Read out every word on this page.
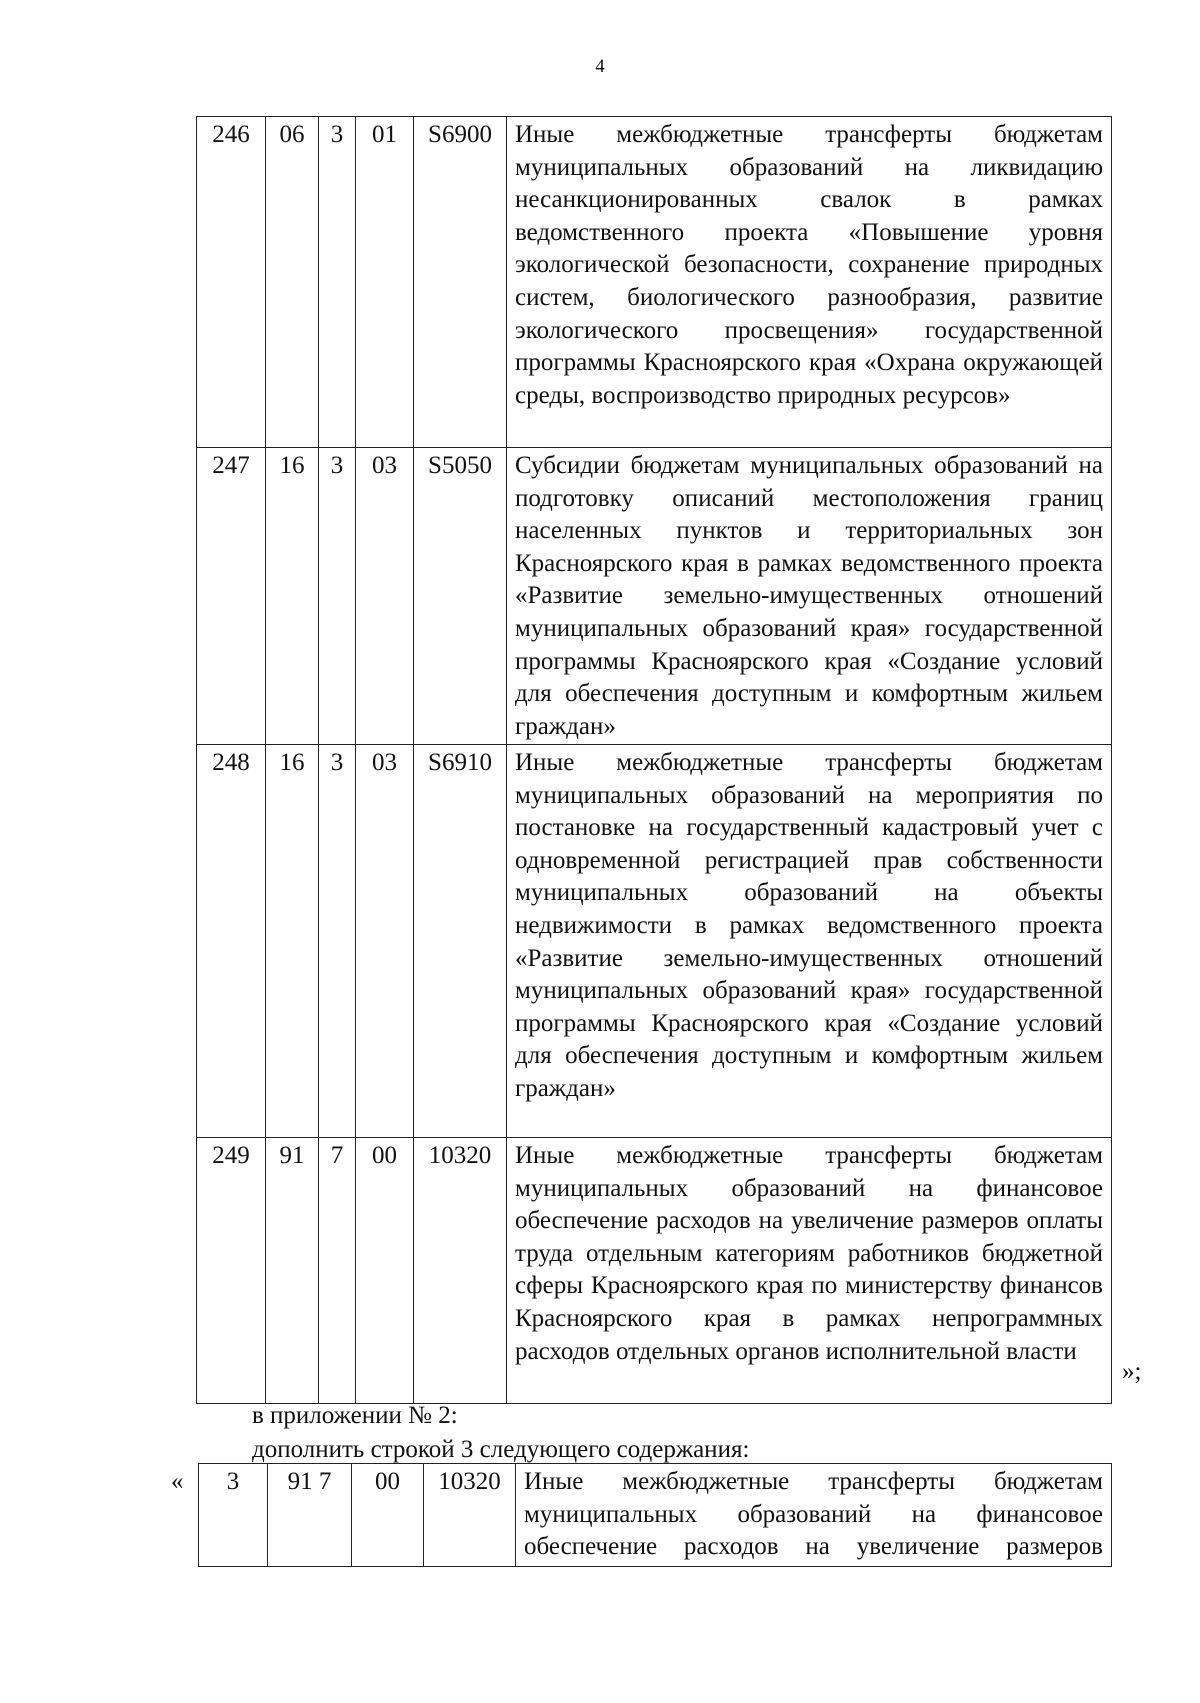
4
246	06	3	01	S6900	Иные межбюджетные трансферты бюджетам муниципальных образований на ликвидацию несанкционированных свалок в рамках ведомственного проекта «Повышение уровня экологической безопасности, сохранение природных систем, биологического разнообразия, развитие экологического просвещения» государственной программы Красноярского края «Охрана окружающей среды, воспроизводство природных ресурсов»
247	16	3	03	S5050	Субсидии бюджетам муниципальных образований на подготовку описаний местоположения границ населенных пунктов и территориальных зон Красноярского края в рамках ведомственного проекта «Развитие земельно-имущественных отношений муниципальных образований края» государственной программы Красноярского края «Создание условий для обеспечения доступным и комфортным жильем граждан»
248	16	3	03	S6910	Иные межбюджетные трансферты бюджетам муниципальных образований на мероприятия по постановке на государственный кадастровый учет с одновременной регистрацией прав собственности муниципальных образований на объекты недвижимости в рамках ведомственного проекта «Развитие земельно-имущественных отношений муниципальных образований края» государственной программы Красноярского края «Создание условий для обеспечения доступным и комфортным жильем граждан»
249	91	7	00	10320	Иные межбюджетные трансферты бюджетам муниципальных образований на финансовое обеспечение расходов на увеличение размеров оплаты труда отдельным категориям работников бюджетной сферы Красноярского края по министерству финансов Красноярского края в рамках непрограммных расходов отдельных органов исполнительной власти
»;
в приложении № 2:
дополнить строкой 3 следующего содержания:
« 3	91 7	00	10320	Иные межбюджетные трансферты бюджетам муниципальных образований на финансовое обеспечение расходов на увеличение размеров
